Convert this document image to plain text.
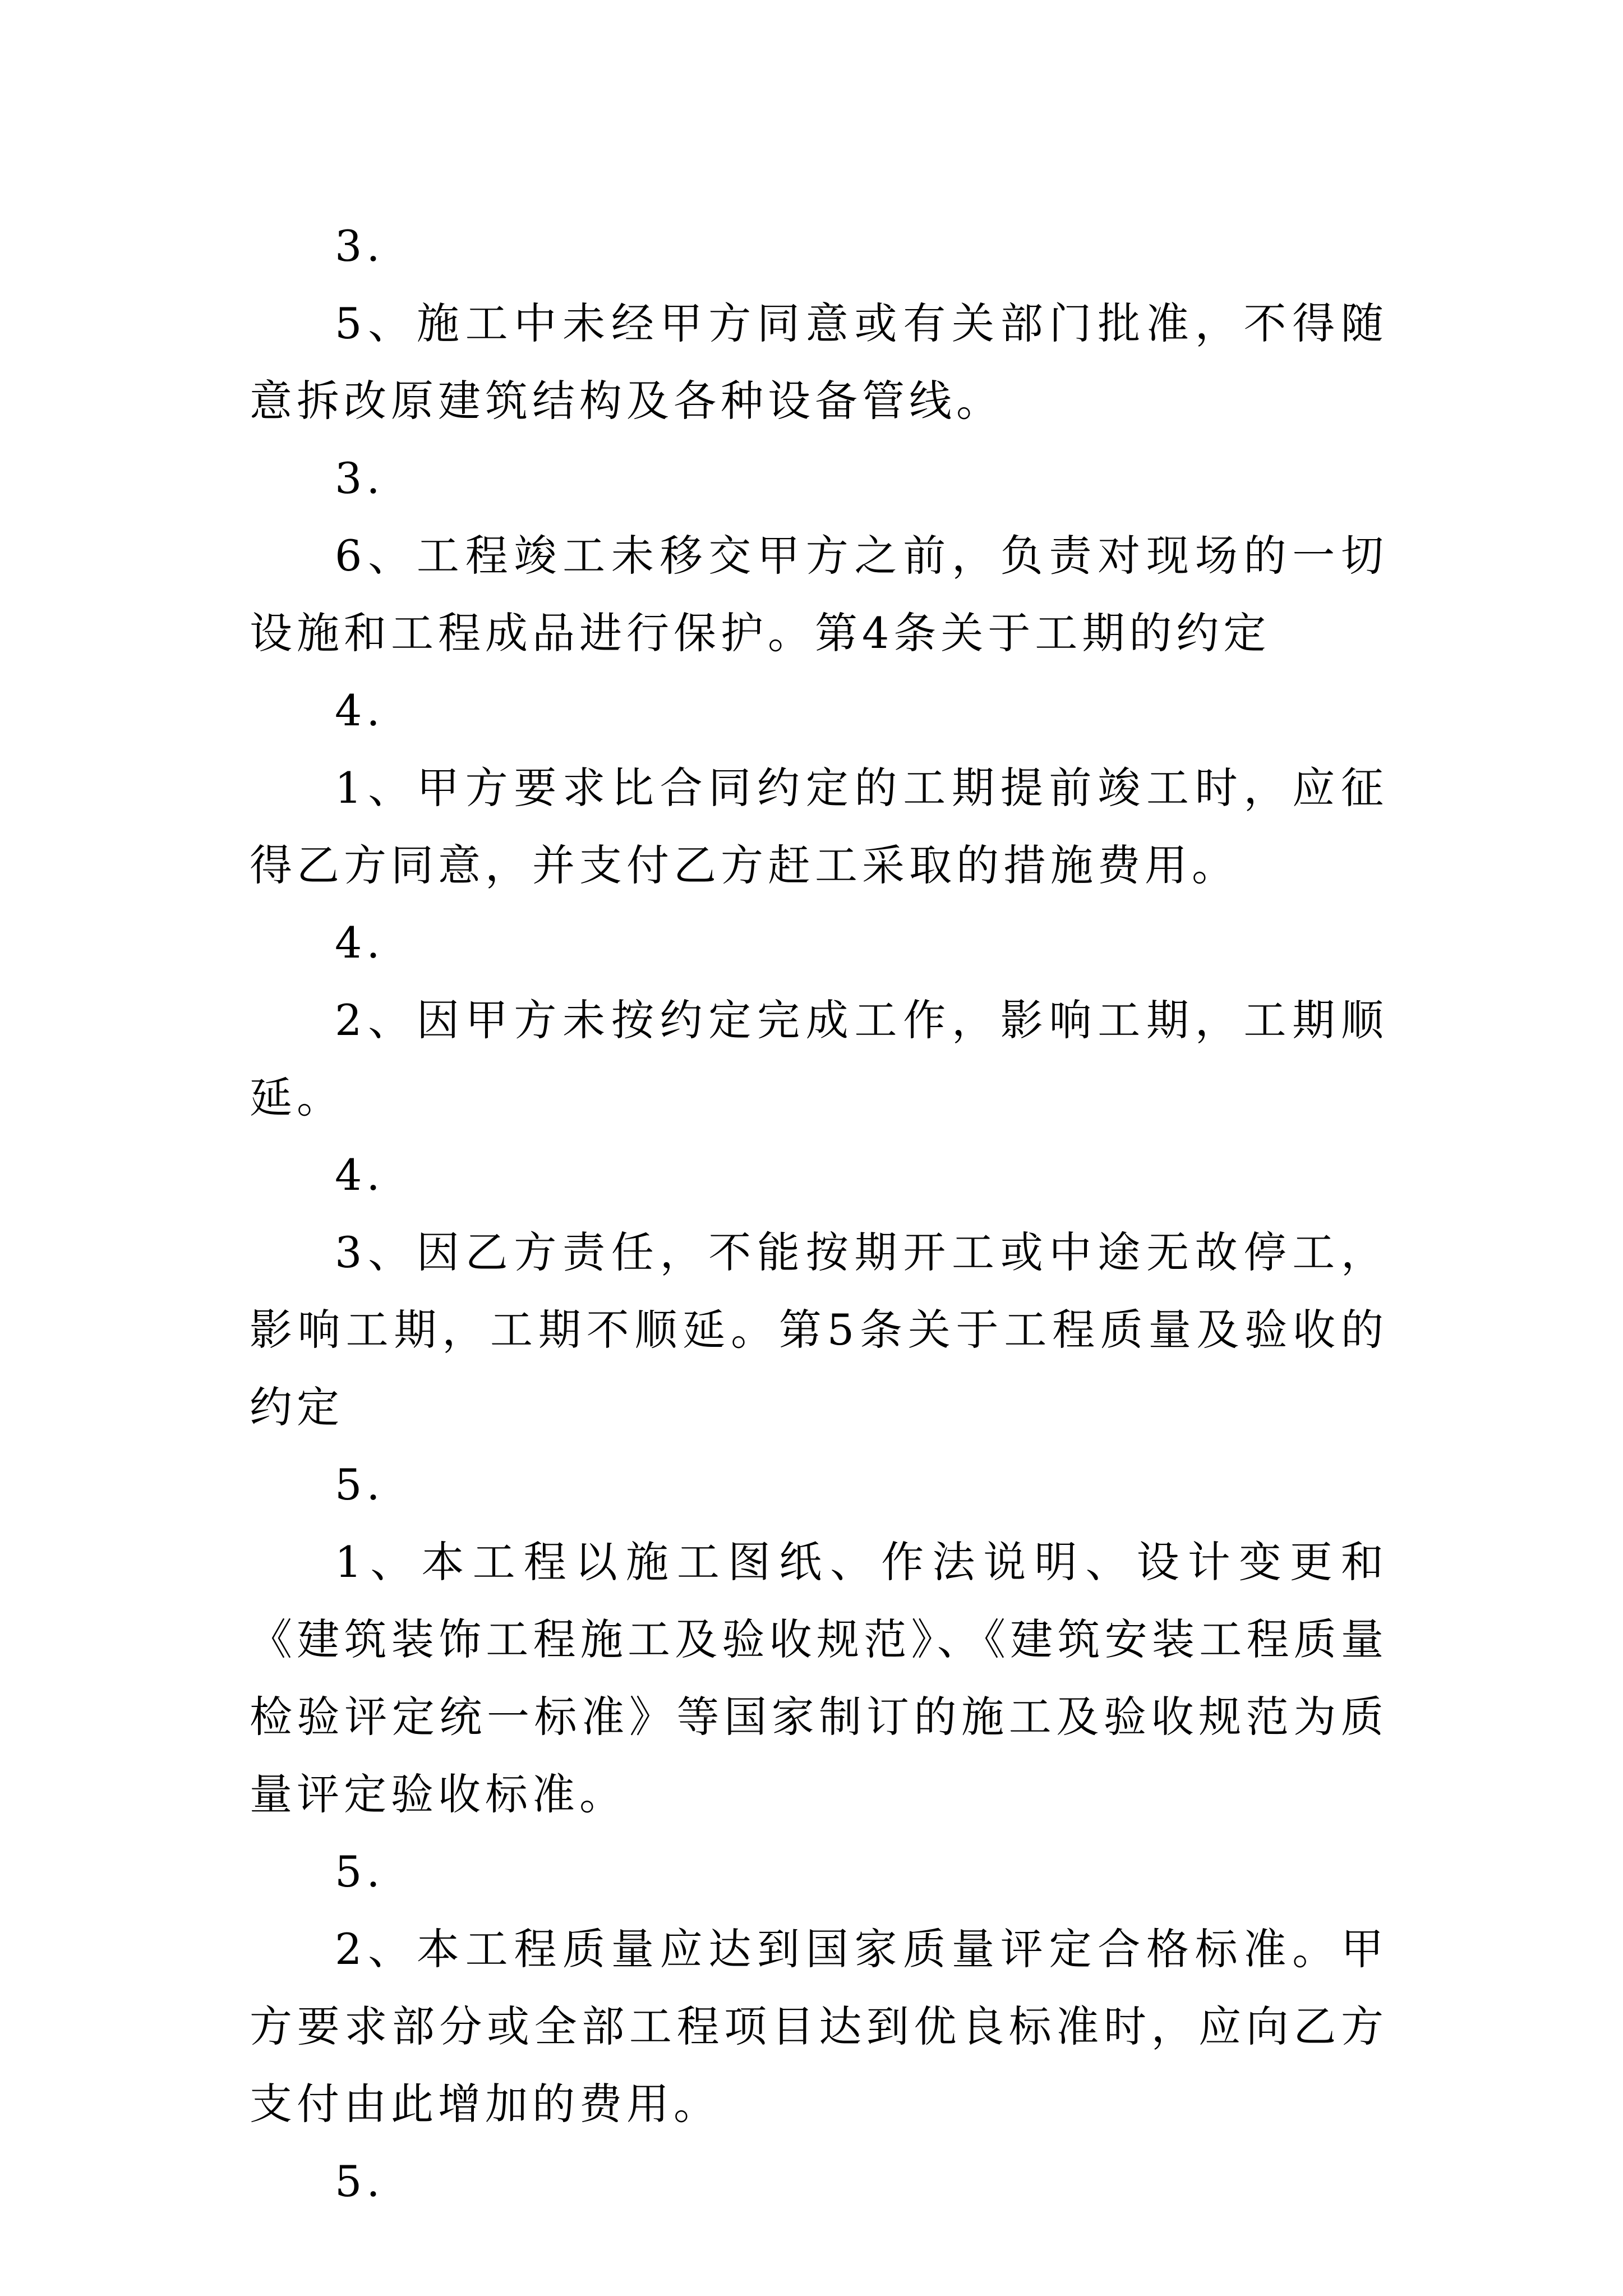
3.

5、施工中未经甲方同意或有关部门批准，不得随意拆改原建筑结构及各种设备管线。

3.

6、工程竣工未移交甲方之前，负责对现场的一切设施和工程成品进行保护。第4条关于工期的约定

4.

1、甲方要求比合同约定的工期提前竣工时，应征得乙方同意，并支付乙方赶工采取的措施费用。

4.

2、因甲方未按约定完成工作，影响工期，工期顺延。

4.

3、因乙方责任，不能按期开工或中途无故停工，影响工期，工期不顺延。第5条关于工程质量及验收的约定

5.

1、本工程以施工图纸、作法说明、设计变更和《建筑装饰工程施工及验收规范》、《建筑安装工程质量检验评定统一标准》等国家制订的施工及验收规范为质量评定验收标准。

5.

2、本工程质量应达到国家质量评定合格标准。甲方要求部分或全部工程项目达到优良标准时，应向乙方支付由此增加的费用。

5.
